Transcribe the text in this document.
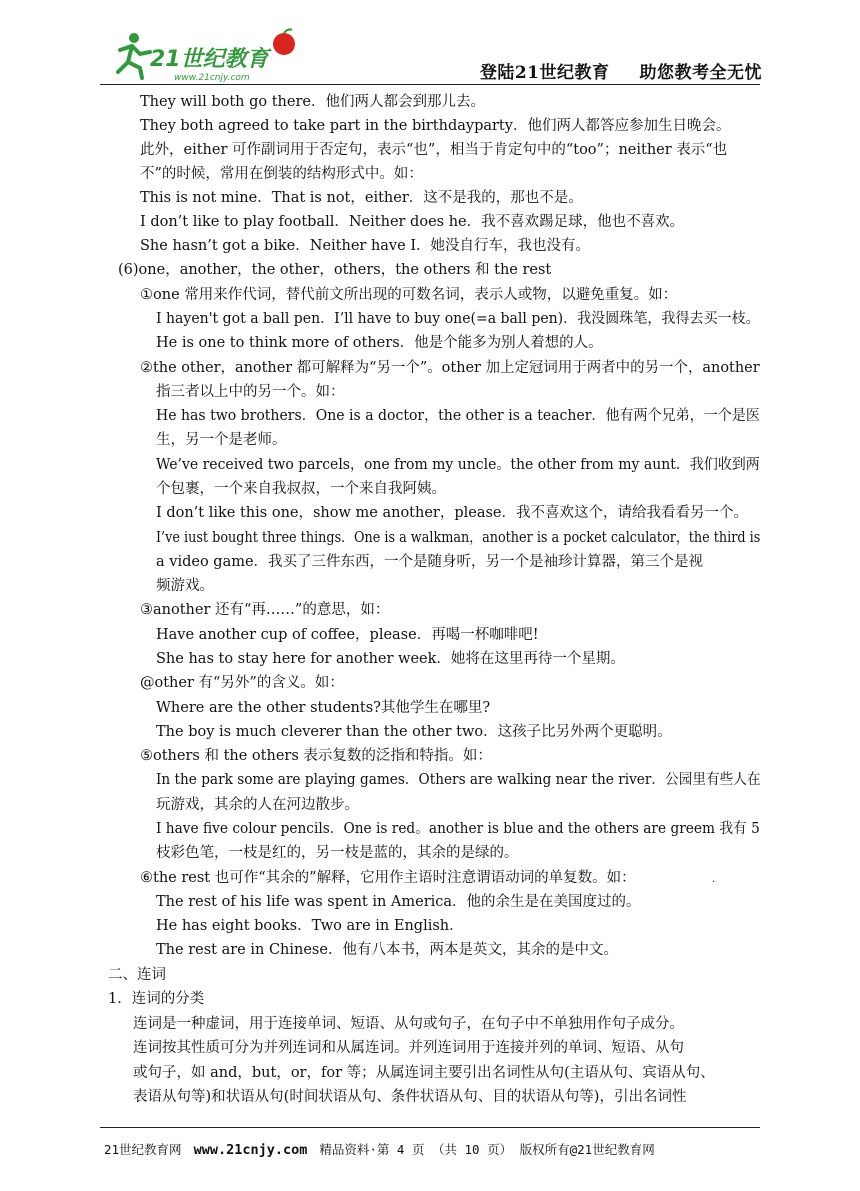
21世纪教育
www.21cnjy.com	登陆21世纪教育 助您教考全无忧
They will both go there．他们两人都会到那儿去。
They both agreed to take part in the birthdayparty．他们两人都答应参加生日晚会。
此外，either 可作副词用于否定句，表示“也”，相当于肯定句中的“too”；neither 表示“也
不”的时候，常用在倒装的结构形式中。如：
This is not mine．That is not，either．这不是我的，那也不是。
I don’t like to play football．Neither does he．我不喜欢踢足球，他也不喜欢。
She hasn’t got a bike．Neither have I．她没自行车，我也没有。
(6)one，another，the other，others，the others 和 the rest
①one 常用来作代词，替代前文所出现的可数名词，表示人或物，以避免重复。如：
I hayen't got a ball pen．I’ll have to buy one(=a ball pen)．我没圆珠笔，我得去买一枝。
He is one to think more of others．他是个能多为别人着想的人。
②the other，another 都可解释为“另一个”。other 加上定冠词用于两者中的另一个，another
指三者以上中的另一个。如：
He has two brothers．One is a doctor，the other is a teacher．他有两个兄弟，一个是医
生，另一个是老师。
We’ve received two parcels，one from my uncle。the other from my aunt．我们收到两
个包裹，一个来自我叔叔，一个来自我阿姨。
I don’t like this one，show me another，please．我不喜欢这个，请给我看看另一个。
I’ve iust bought three things．One is a walkman，another is a pocket calculator，the third is
a video game．我买了三件东西，一个是随身听，另一个是袖珍计算器，第三个是视
频游戏。
③another 还有“再……”的意思，如：
Have another cup of coffee，please．再喝一杯咖啡吧!
She has to stay here for another week．她将在这里再待一个星期。
@other 有“另外”的含义。如：
Where are the other students?其他学生在哪里?
The boy is much cleverer than the other two．这孩子比另外两个更聪明。
⑤others 和 the others 表示复数的泛指和特指。如：
In the park some are playing games．Others are walking near the river．公园里有些人在
玩游戏，其余的人在河边散步。
I have five colour pencils．One is red。another is blue and the others are greem 我有 5
枝彩色笔，一枝是红的，另一枝是蓝的，其余的是绿的。
⑥the rest 也可作“其余的”解释，它用作主语时注意谓语动词的单复数。如：
The rest of his life was spent in America．他的余生是在美国度过的。
He has eight books．Two are in English．
The rest are in Chinese．他有八本书，两本是英文，其余的是中文。
二、连词
1．连词的分类
连词是一种虚词，用于连接单词、短语、从句或句子，在句子中不单独用作句子成分。
连词按其性质可分为并列连词和从属连词。并列连词用于连接并列的单词、短语、从句
或句子，如 and，but，or，for 等；从属连词主要引出名词性从句(主语从句、宾语从句、
表语从句等)和状语从句(时间状语从句、条件状语从句、目的状语从句等)，引出名词性
.
21世纪教育网 www.21cnjy.com 精品资料·第 4 页 （共 10 页） 版权所有@21世纪教育网
